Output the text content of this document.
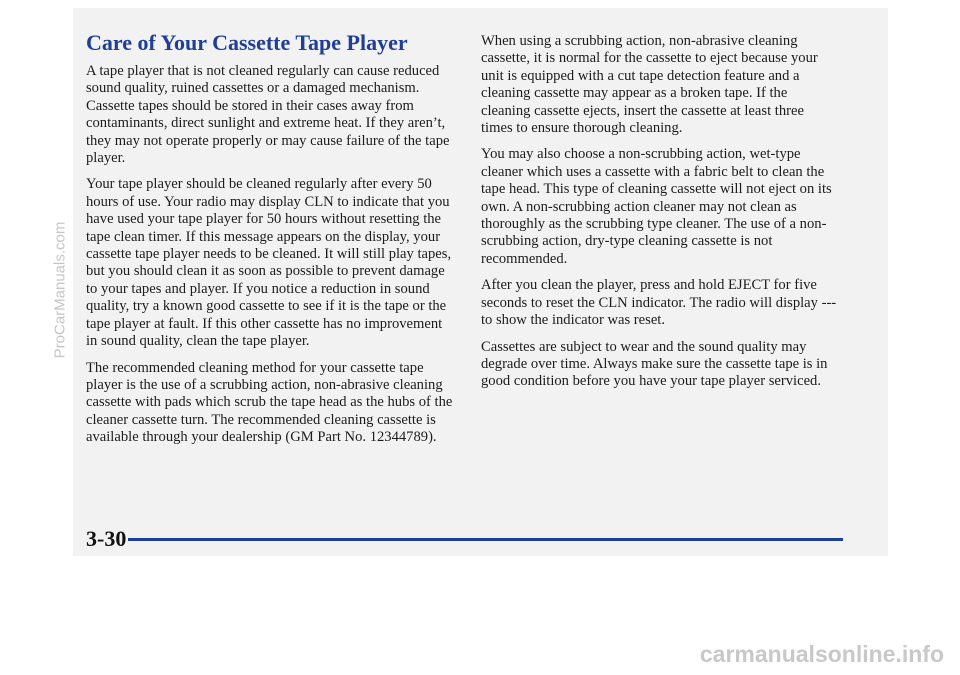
Care of Your Cassette Tape Player

A tape player that is not cleaned regularly can cause reduced sound quality, ruined cassettes or a damaged mechanism. Cassette tapes should be stored in their cases away from contaminants, direct sunlight and extreme heat. If they aren’t, they may not operate properly or may cause failure of the tape player.

Your tape player should be cleaned regularly after every 50 hours of use. Your radio may display CLN to indicate that you have used your tape player for 50 hours without resetting the tape clean timer. If this message appears on the display, your cassette tape player needs to be cleaned. It will still play tapes, but you should clean it as soon as possible to prevent damage to your tapes and player. If you notice a reduction in sound quality, try a known good cassette to see if it is the tape or the tape player at fault. If this other cassette has no improvement in sound quality, clean the tape player.

The recommended cleaning method for your cassette tape player is the use of a scrubbing action, non-abrasive cleaning cassette with pads which scrub the tape head as the hubs of the cleaner cassette turn. The recommended cleaning cassette is available through your dealership (GM Part No. 12344789).

When using a scrubbing action, non-abrasive cleaning cassette, it is normal for the cassette to eject because your unit is equipped with a cut tape detection feature and a cleaning cassette may appear as a broken tape. If the cleaning cassette ejects, insert the cassette at least three times to ensure thorough cleaning.

You may also choose a non-scrubbing action, wet-type cleaner which uses a cassette with a fabric belt to clean the tape head. This type of cleaning cassette will not eject on its own. A non-scrubbing action cleaner may not clean as thoroughly as the scrubbing type cleaner. The use of a non-scrubbing action, dry-type cleaning cassette is not recommended.

After you clean the player, press and hold EJECT for five seconds to reset the CLN indicator. The radio will display --- to show the indicator was reset.

Cassettes are subject to wear and the sound quality may degrade over time. Always make sure the cassette tape is in good condition before you have your tape player serviced.

3-30
ProCarManuals.com
carmanualsonline.info
